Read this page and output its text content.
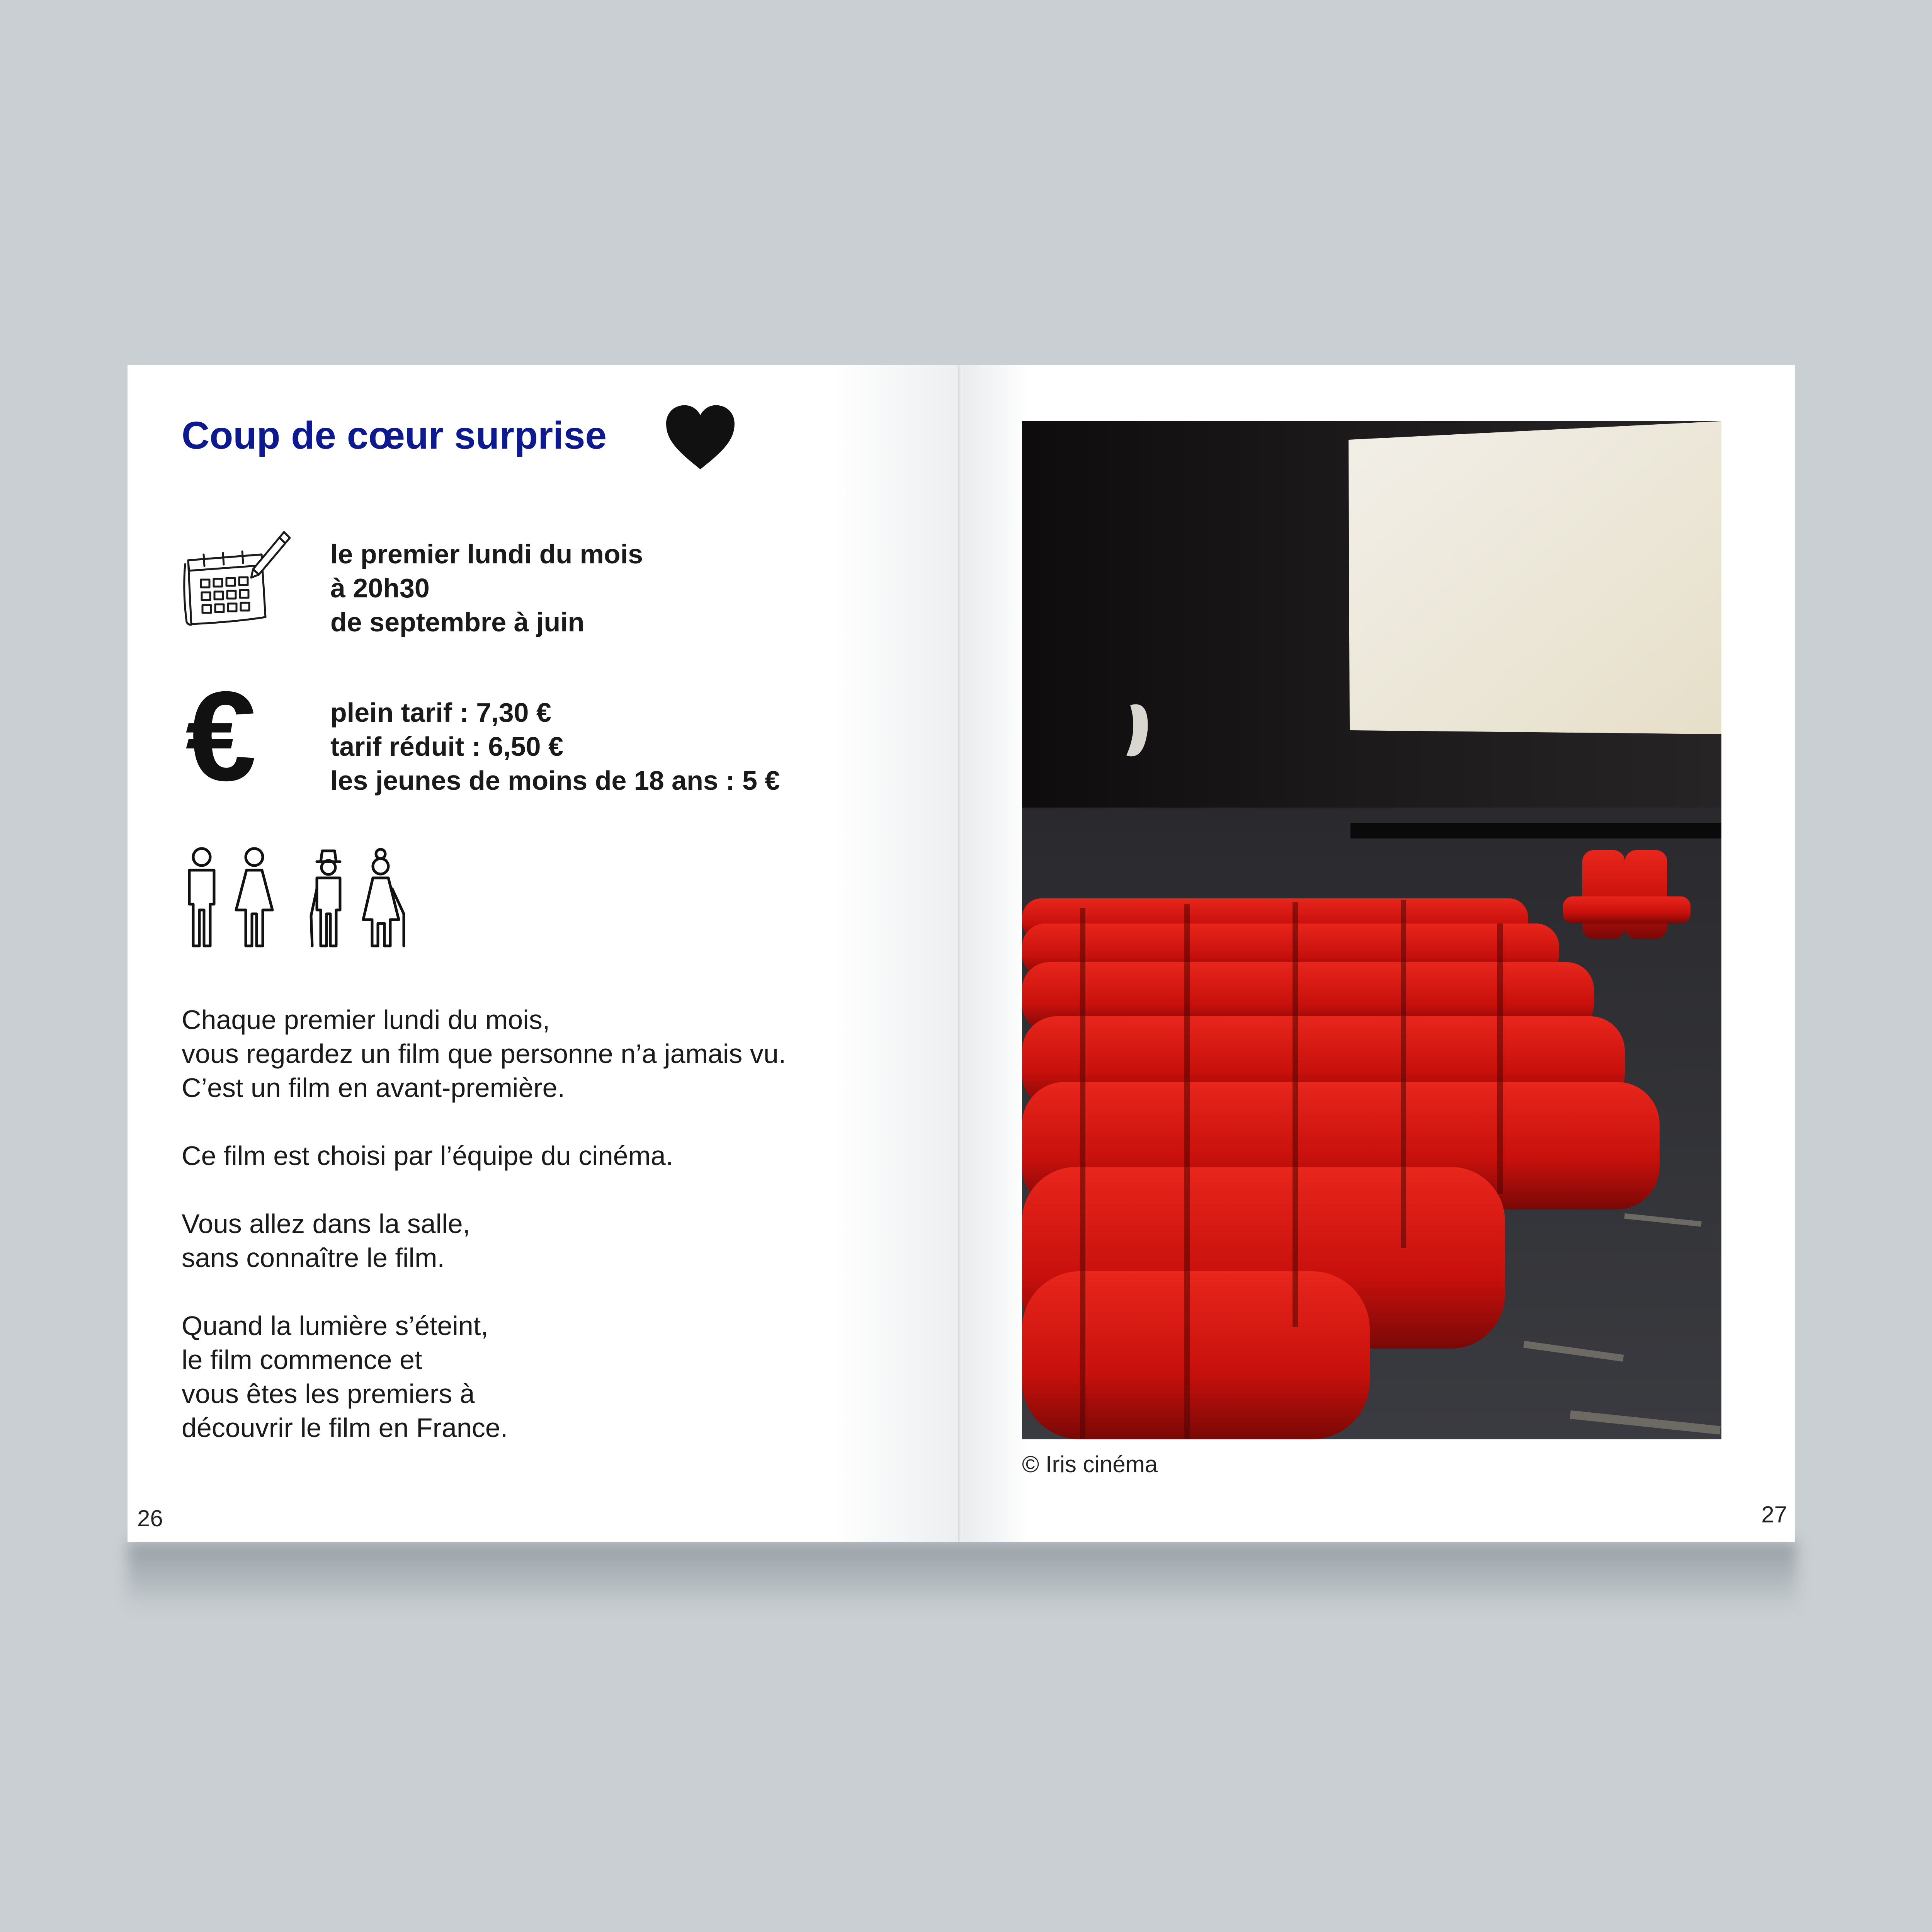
Coup de cœur surprise
le premier lundi du mois
à 20h30
de septembre à juin
€	plein tarif : 7,30 €
tarif réduit : 6,50 €
les jeunes de moins de 18 ans : 5 €

Chaque premier lundi du mois,
vous regardez un film que personne n’a jamais vu.
C’est un film en avant-première.

Ce film est choisi par l’équipe du cinéma.

Vous allez dans la salle,
sans connaître le film.

Quand la lumière s’éteint,
le film commence et
vous êtes les premiers à
découvrir le film en France.

26
© Iris cinéma
27
